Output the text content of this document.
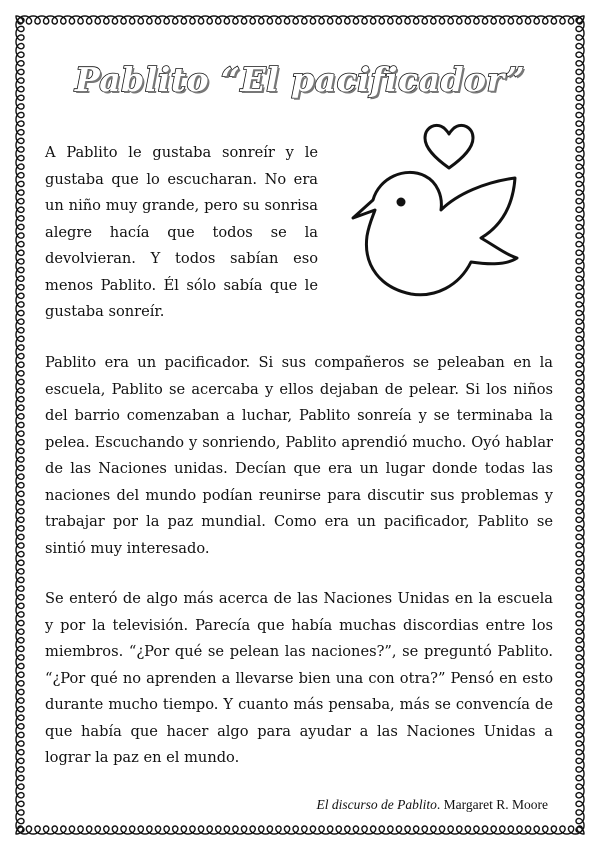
Pablito “El pacificador”

A Pablito le gustaba sonreír y le gustaba que lo escucharan. No era un niño muy grande, pero su sonrisa alegre hacía que todos se la devolvieran. Y todos sabían eso menos Pablito. Él sólo sabía que le gustaba sonreír.

Pablito era un pacificador. Si sus compañeros se peleaban en la escuela, Pablito se acercaba y ellos dejaban de pelear. Si los niños del barrio comenzaban a luchar, Pablito sonreía y se terminaba la pelea. Escuchando y sonriendo, Pablito aprendió mucho. Oyó hablar de las Naciones unidas. Decían que era un lugar donde todas las naciones del mundo podían reunirse para discutir sus problemas y trabajar por la paz mundial. Como era un pacificador, Pablito se sintió muy interesado.

Se enteró de algo más acerca de las Naciones Unidas en la escuela y por la televisión. Parecía que había muchas discordias entre los miembros. “¿Por qué se pelean las naciones?”, se preguntó Pablito. “¿Por qué no aprenden a llevarse bien una con otra?” Pensó en esto durante mucho tiempo. Y cuanto más pensaba, más se convencía de que había que hacer algo para ayudar a las Naciones Unidas a lograr la paz en el mundo.

El discurso de Pablito. Margaret R. Moore
